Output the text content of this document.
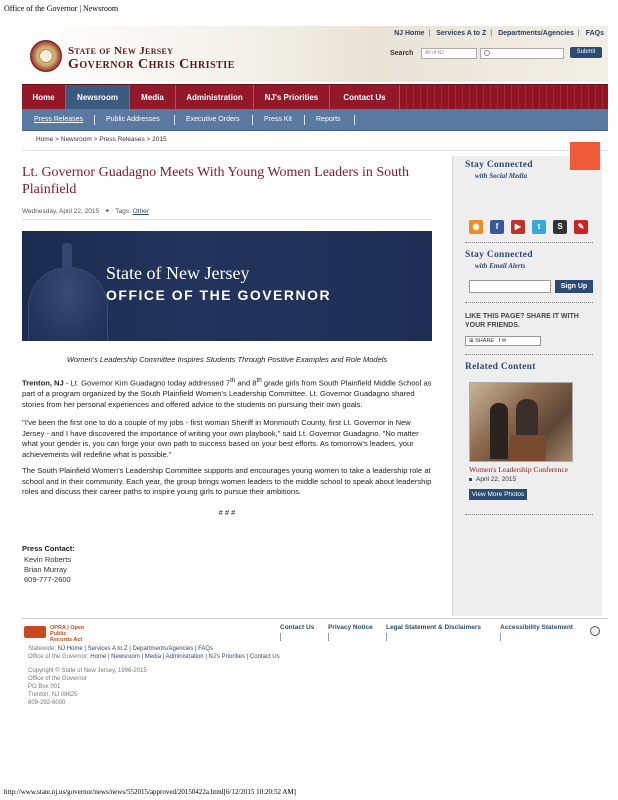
Office of the Governor | Newsroom
State of New Jersey
Governor Chris Christie
NJ Home | Services A to Z | Departments/Agencies | FAQs
Search	All of NJ	Submit
Home	Newsroom	Media	Administration	NJ's Priorities	Contact Us
Press Releases	Public Addresses	Executive Orders	Press Kit	Reports
Home > Newsroom > Press Releases > 2015
Lt. Governor Guadagno Meets With Young Women Leaders in South Plainfield
Wednesday, April 22, 2015   ✦   Tags: Other
State of New Jersey
OFFICE OF THE GOVERNOR
Women's Leadership Committee Inspires Students Through Positive Examples and Role Models
Trenton, NJ - Lt. Governor Kim Guadagno today addressed 7th and 8th grade girls from South Plainfield Middle School as part of a program organized by the South Plainfield Women's Leadership Committee. Lt. Governor Guadagno shared stories from her personal experiences and offered advice to the students on pursuing their own goals.
"I've been the first one to do a couple of my jobs - first woman Sheriff in Monmouth County, first Lt. Governor in New Jersey - and I have discovered the importance of writing your own playbook," said Lt. Governor Guadagno. "No matter what your gender is, you can forge your own path to success based on your best efforts. As tomorrow's leaders, your achievements will redefine what is possible."
The South Plainfield Women's Leadership Committee supports and encourages young women to take a leadership role at school and in their community. Each year, the group brings women leaders to the middle school to speak about leadership roles and discuss their career paths to inspire young girls to pursue their ambitions.
# # #
Press Contact:
Kevin Roberts
Brian Murray
609-777-2600
Stay Connected
with Social Media
◉	f	▶	t	S	✎
Stay Connected
with Email Alerts
Sign Up
LIKE THIS PAGE? SHARE IT WITH YOUR FRIENDS.
⊞ SHARE   f ✉
Related Content
Women's Leadership Conference
April 22, 2015
View More Photos
OPRA | Open
Public Records Act
Contact Us Privacy Notice Legal Statement & Disclaimers	Accessibility Statement
Statewide: NJ Home | Services A to Z | Departments/Agencies | FAQs
Office of the Governor: Home | Newsroom | Media | Administration | NJ's Priorities | Contact Us
Copyright © State of New Jersey, 1996-2015
Office of the Governor
PO Box 001
Trenton, NJ 08625
609-292-6000
http://www.state.nj.us/governor/news/news/552015/approved/20150422a.html[6/12/2015 10:20:52 AM]
